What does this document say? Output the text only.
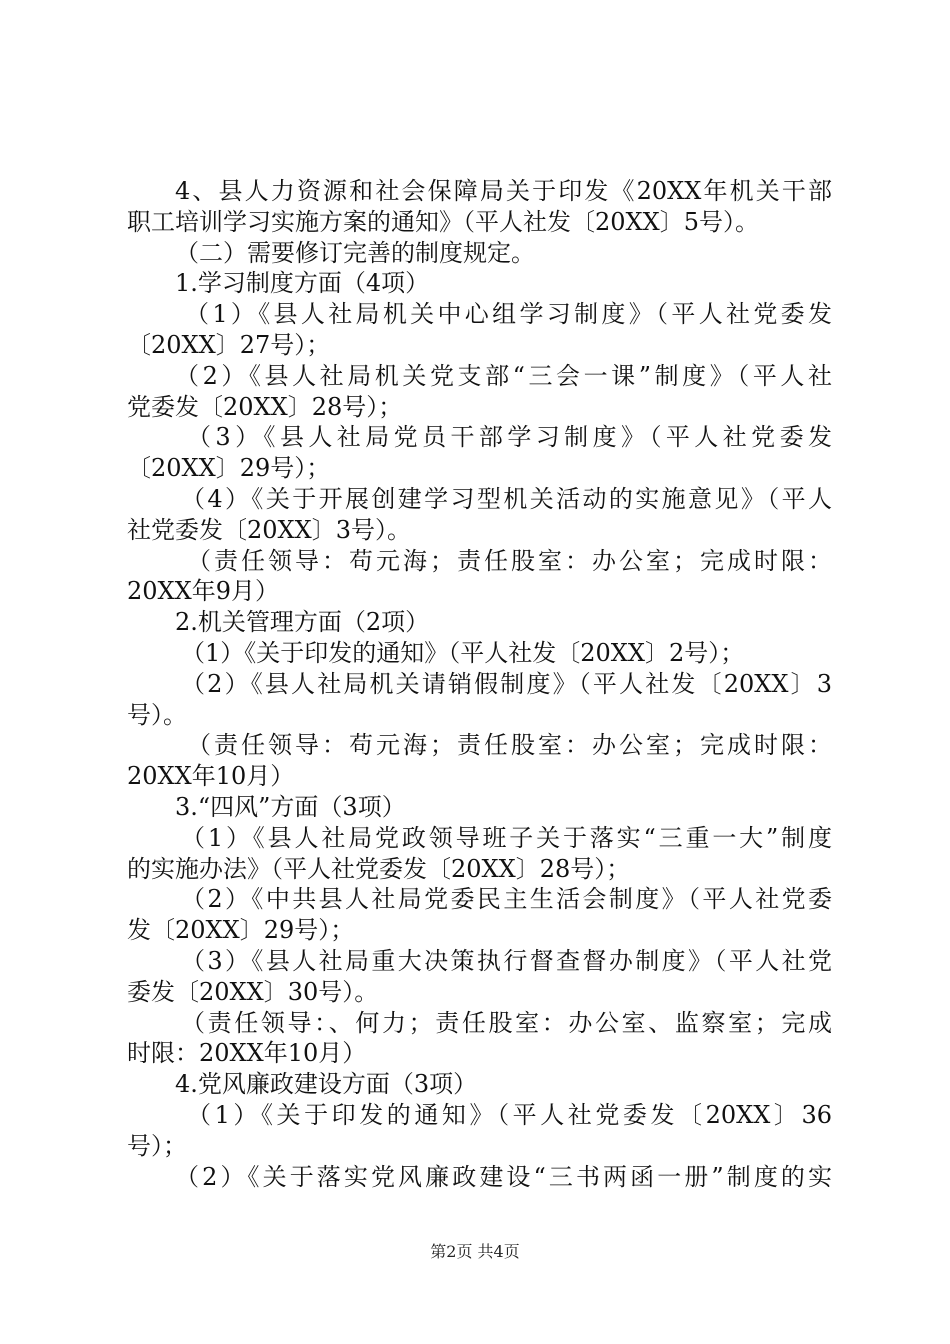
4、县人力资源和社会保障局关于印发《20XX年机关干部
职工培训学习实施方案的通知》（平人社发〔20XX〕5号）。
（二）需要修订完善的制度规定。
1.学习制度方面（4项）
（1）《县人社局机关中心组学习制度》（平人社党委发
〔20XX〕27号）；
（2）《县人社局机关党支部“三会一课”制度》（平人社
党委发〔20XX〕28号）；
（3）《县人社局党员干部学习制度》（平人社党委发
〔20XX〕29号）；
（4）《关于开展创建学习型机关活动的实施意见》（平人
社党委发〔20XX〕3号）。
（责任领导：苟元海；责任股室：办公室；完成时限：
20XX年9月）
2.机关管理方面（2项）
（1）《关于印发的通知》（平人社发〔20XX〕2号）；
（2）《县人社局机关请销假制度》（平人社发〔20XX〕3
号）。
（责任领导：苟元海；责任股室：办公室；完成时限：
20XX年10月）
3.“四风”方面（3项）
（1）《县人社局党政领导班子关于落实“三重一大”制度
的实施办法》（平人社党委发〔20XX〕28号）；
（2）《中共县人社局党委民主生活会制度》（平人社党委
发〔20XX〕29号）；
（3）《县人社局重大决策执行督查督办制度》（平人社党
委发〔20XX〕30号）。
（责任领导：、何力；责任股室：办公室、监察室；完成
时限：20XX年10月）
4.党风廉政建设方面（3项）
（1）《关于印发的通知》（平人社党委发〔20XX〕36
号）；
（2）《关于落实党风廉政建设“三书两函一册”制度的实
第2页 共4页
